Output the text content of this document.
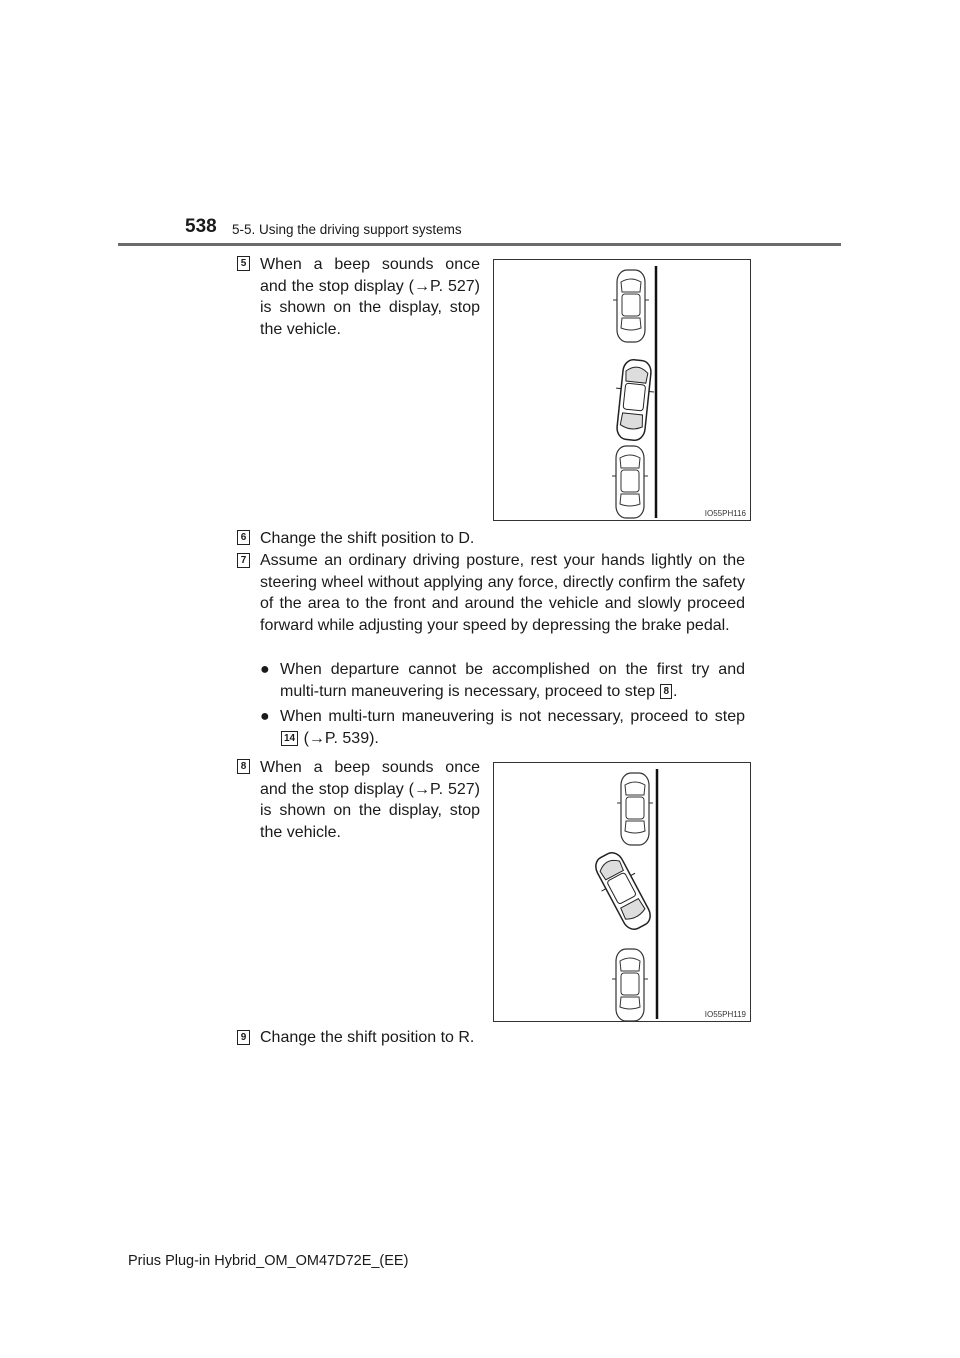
538 5-5. Using the driving support systems
5 When a beep sounds once and the stop display (→P. 527) is shown on the display, stop the vehicle.
IO55PH116
6 Change the shift position to D.
7 Assume an ordinary driving posture, rest your hands lightly on the steering wheel without applying any force, directly confirm the safety of the area to the front and around the vehicle and slowly proceed forward while adjusting your speed by depressing the brake pedal.
● When departure cannot be accomplished on the first try and multi-turn maneuvering is necessary, proceed to step 8 .
● When multi-turn maneuvering is not necessary, proceed to step 14 (→P. 539).
8 When a beep sounds once and the stop display (→P. 527) is shown on the display, stop the vehicle.
IO55PH119
9 Change the shift position to R.
Prius Plug-in Hybrid_OM_OM47D72E_(EE)
